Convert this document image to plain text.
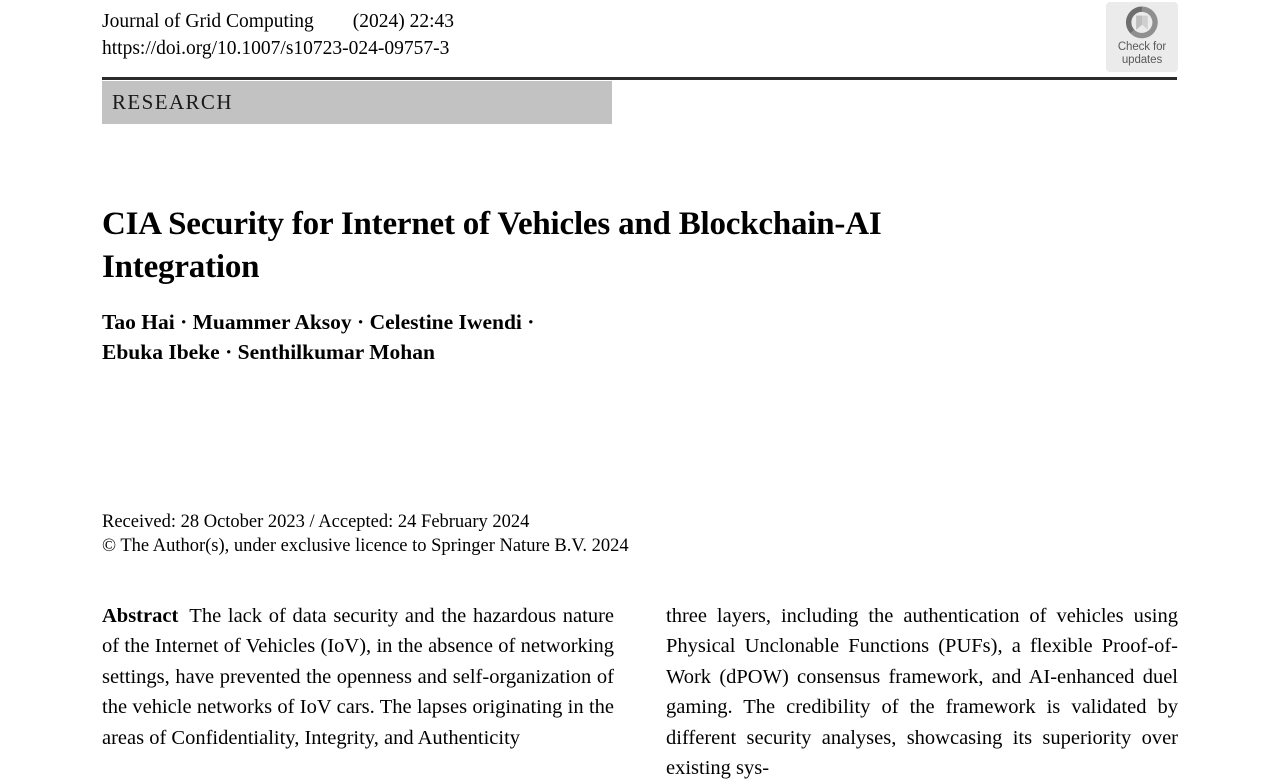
Journal of Grid Computing (2024) 22:43
https://doi.org/10.1007/s10723-024-09757-3	Check for
updates
RESEARCH
CIA Security for Internet of Vehicles and Blockchain-AI Integration
Tao Hai · Muammer Aksoy · Celestine Iwendi ·
Ebuka Ibeke · Senthilkumar Mohan
Received: 28 October 2023 / Accepted: 24 February 2024
© The Author(s), under exclusive licence to Springer Nature B.V. 2024

Abstract The lack of data security and the hazardous nature of the Internet of Vehicles (IoV), in the absence of networking settings, have prevented the openness and self-organization of the vehicle networks of IoV cars. The lapses originating in the areas of Confidentiality, Integrity, and Authenticity

three layers, including the authentication of vehicles using Physical Unclonable Functions (PUFs), a flexible Proof-of-Work (dPOW) consensus framework, and AI-enhanced duel gaming. The credibility of the framework is validated by different security analyses, showcasing its superiority over existing sys-
